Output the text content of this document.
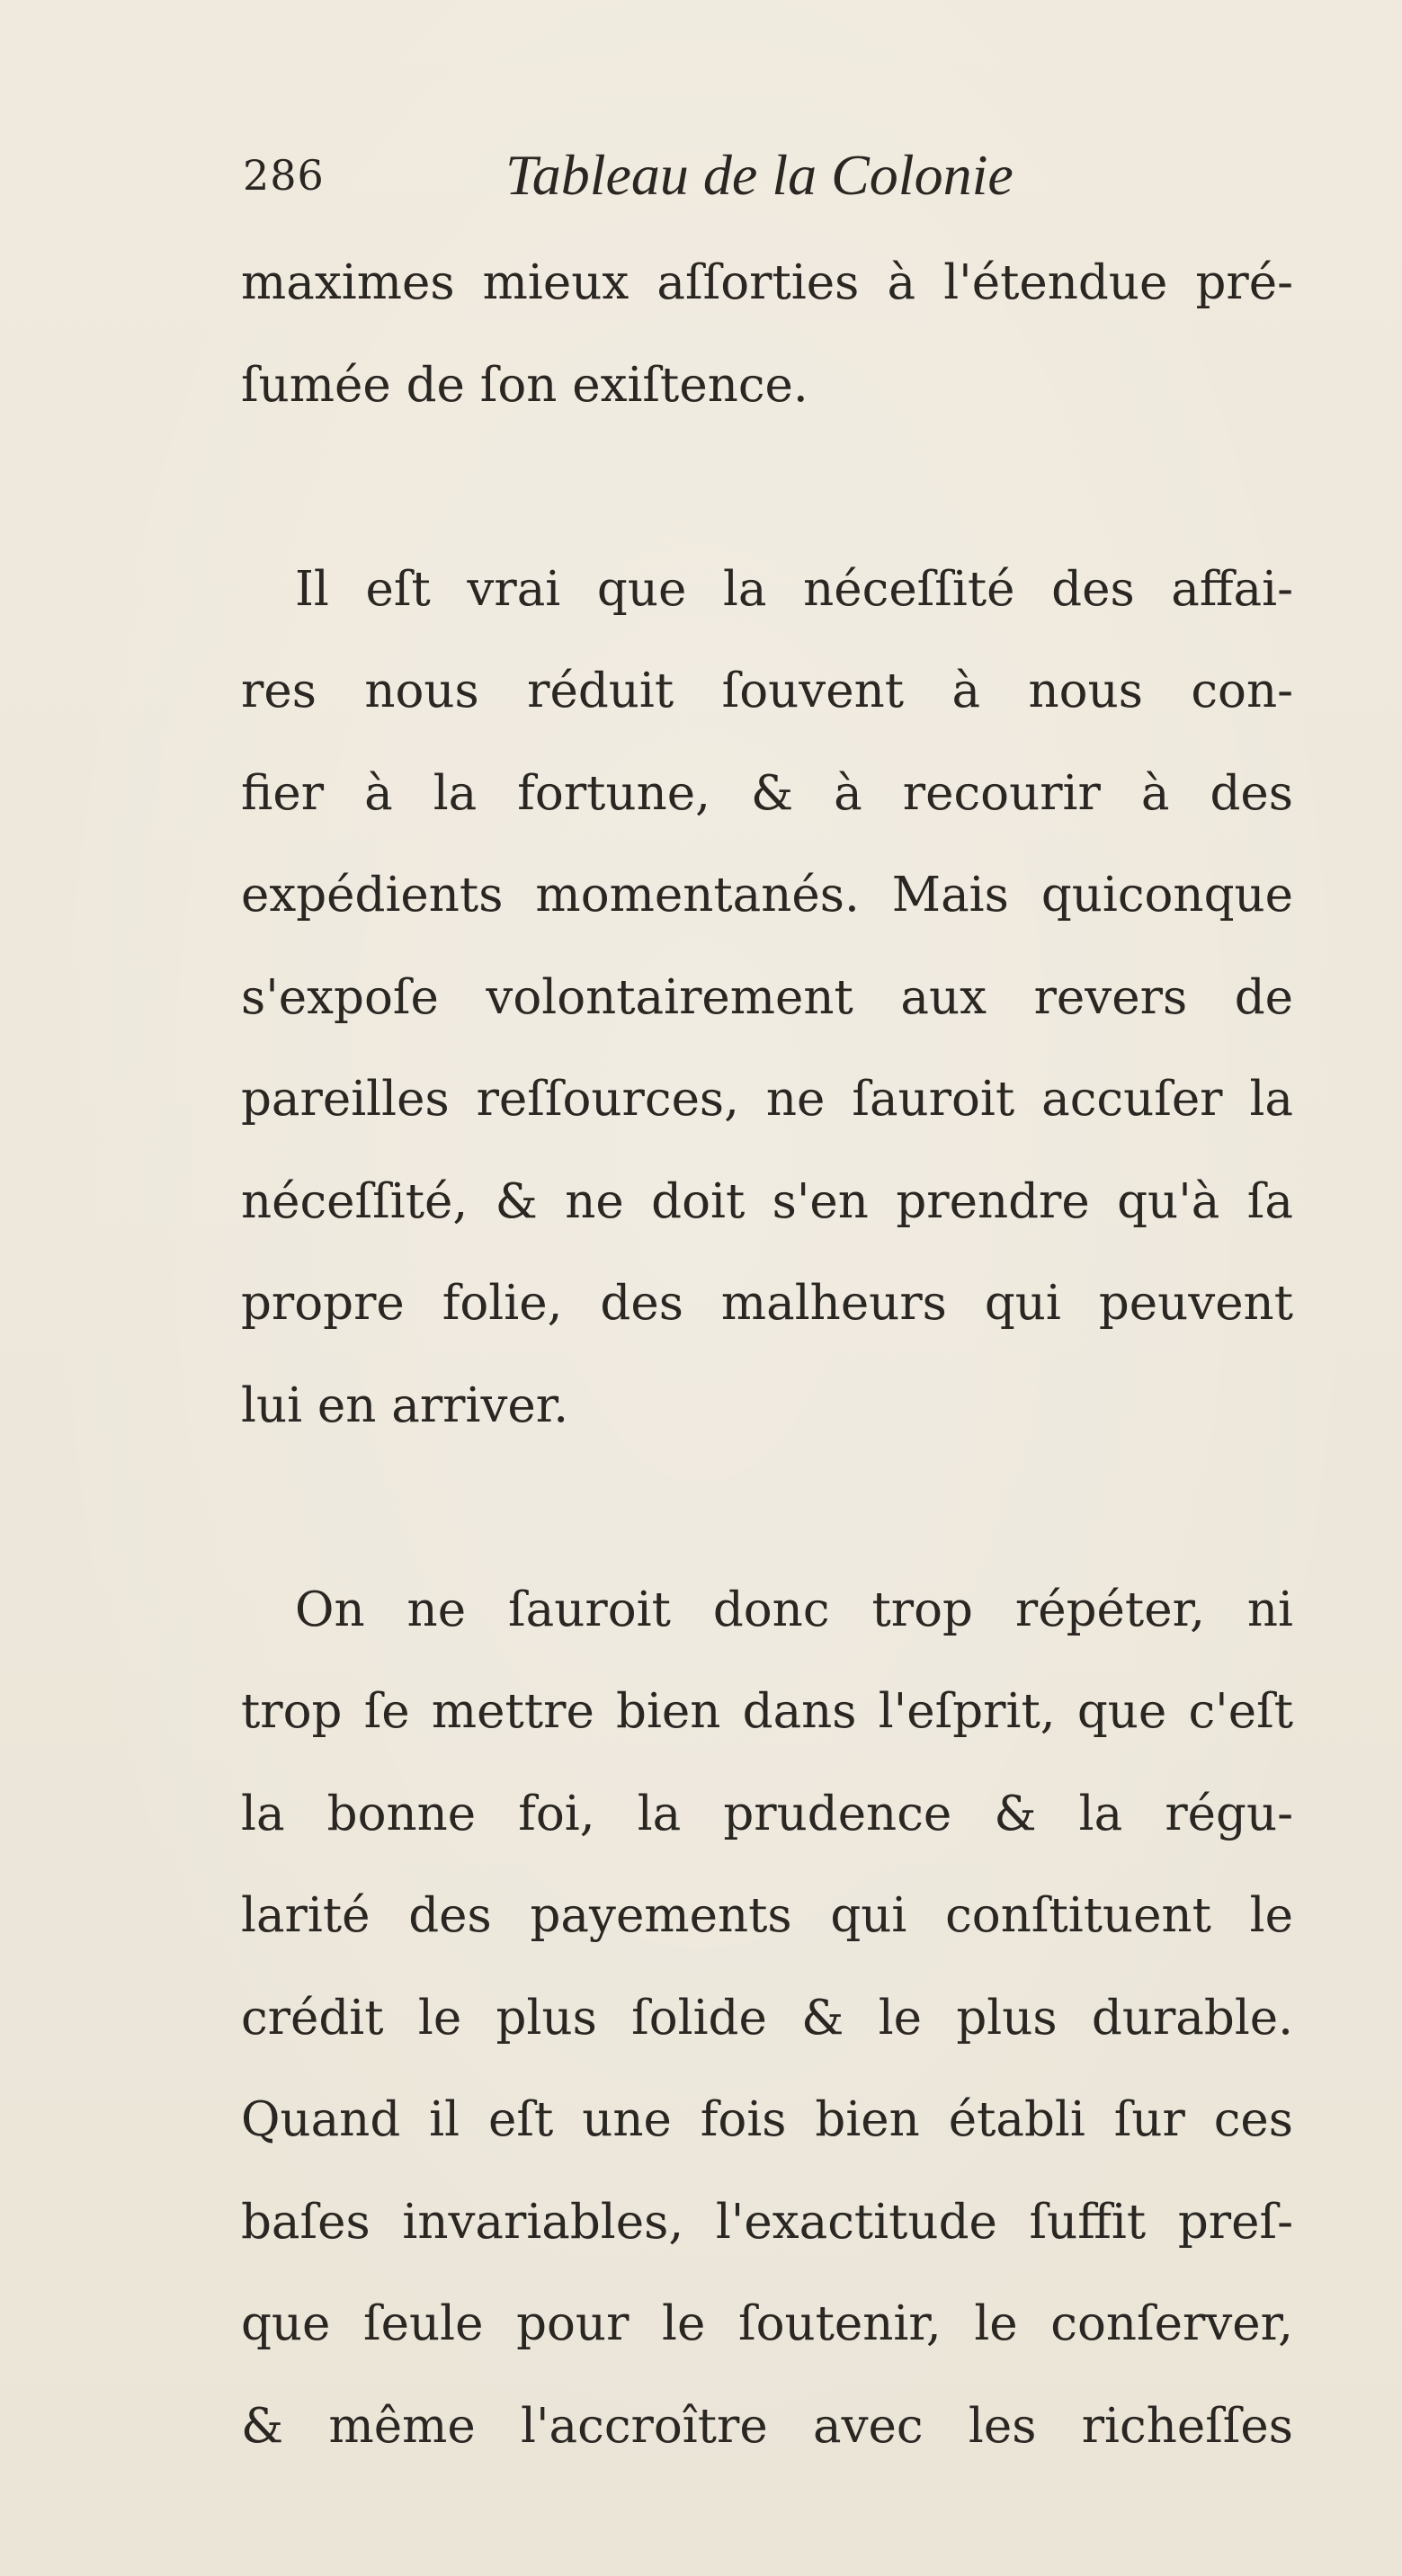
286	Tableau de la Colonie
maximes mieux aſſorties à l'étendue pré-
ſumée de ſon exiſtence.
Il eſt vrai que la néceſſité des affai-
res nous réduit ſouvent à nous con-
fier à la fortune, & à recourir à des
expédients momentanés. Mais quiconque
s'expoſe volontairement aux revers de
pareilles reſſources, ne ſauroit accuſer la
néceſſité, & ne doit s'en prendre qu'à ſa
propre folie, des malheurs qui peuvent
lui en arriver.
On ne ſauroit donc trop répéter, ni
trop ſe mettre bien dans l'eſprit, que c'eſt
la bonne foi, la prudence & la régu-
larité des payements qui conſtituent le
crédit le plus ſolide & le plus durable.
Quand il eſt une fois bien établi ſur ces
baſes invariables, l'exactitude ſuffit preſ-
que ſeule pour le ſoutenir, le conſerver,
& même l'accroître avec les richeſſes
